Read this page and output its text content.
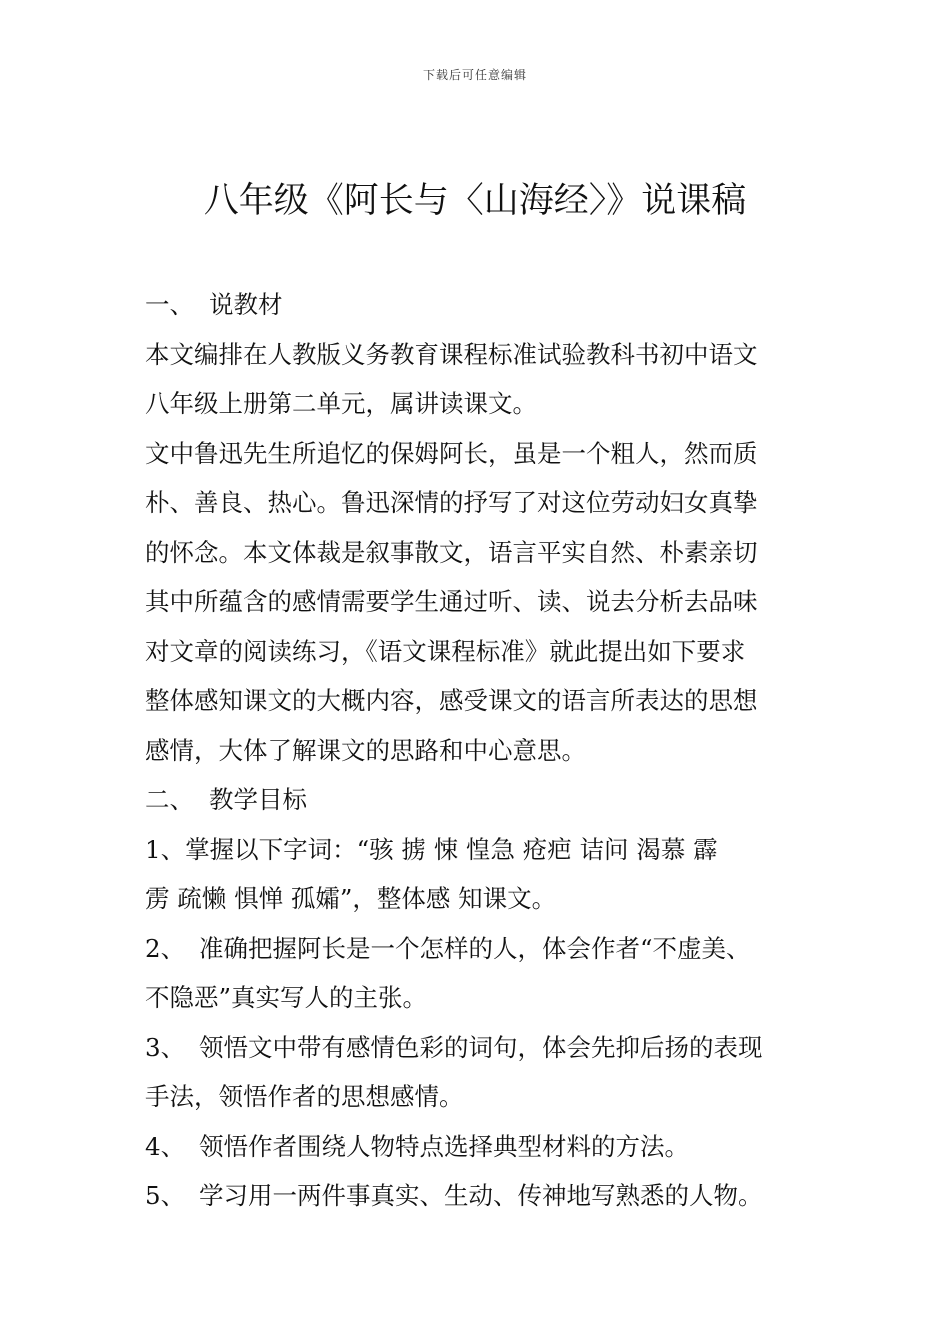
下载后可任意编辑
八年级《阿长与〈山海经〉》说课稿
一、 说教材
本文编排在人教版义务教育课程标准试验教科书初中语文
八年级上册第二单元，属讲读课文。
文中鲁迅先生所追忆的保姆阿长，虽是一个粗人，然而质
朴、善良、热心。鲁迅深情的抒写了对这位劳动妇女真挚
的怀念。本文体裁是叙事散文，语言平实自然、朴素亲切
其中所蕴含的感情需要学生通过听、读、说去分析去品味
对文章的阅读练习，《语文课程标准》就此提出如下要求
整体感知课文的大概内容，感受课文的语言所表达的思想
感情，大体了解课文的思路和中心意思。
二、 教学目标
1、掌握以下字词：“骇 掳 悚 惶急 疮疤 诘问 渴慕 霹
雳 疏懒 惧惮 孤孀”，整体感 知课文。
2、 准确把握阿长是一个怎样的人，体会作者“不虚美、
不隐恶”真实写人的主张。
3、 领悟文中带有感情色彩的词句，体会先抑后扬的表现
手法，领悟作者的思想感情。
4、 领悟作者围绕人物特点选择典型材料的方法。
5、 学习用一两件事真实、生动、传神地写熟悉的人物。
